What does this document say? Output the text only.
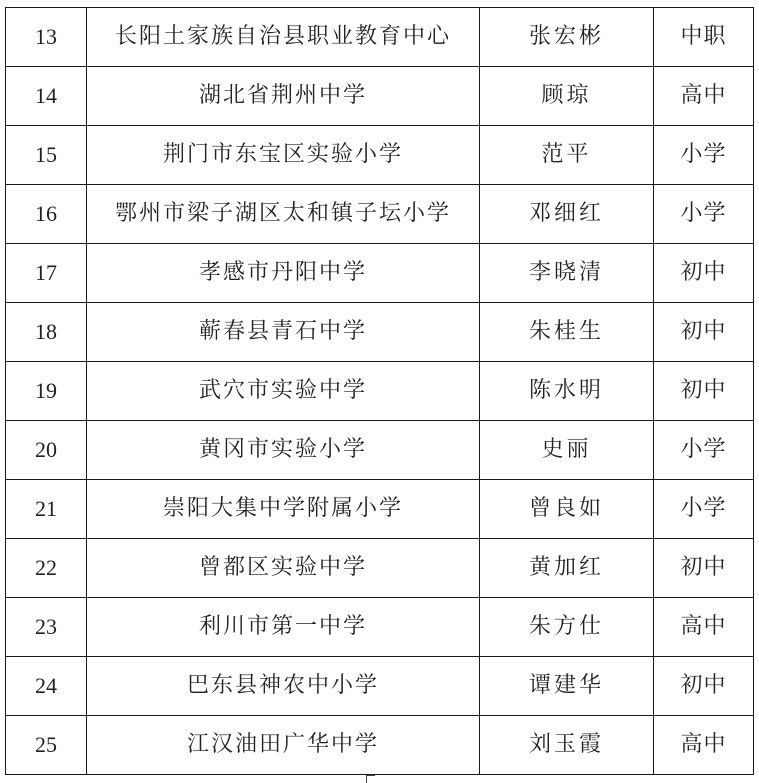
13	长阳土家族自治县职业教育中心	张宏彬	中职
14	湖北省荆州中学	顾琼	高中
15	荆门市东宝区实验小学	范平	小学
16	鄂州市梁子湖区太和镇子坛小学	邓细红	小学
17	孝感市丹阳中学	李晓清	初中
18	蕲春县青石中学	朱桂生	初中
19	武穴市实验中学	陈水明	初中
20	黄冈市实验小学	史丽	小学
21	崇阳大集中学附属小学	曾良如	小学
22	曾都区实验中学	黄加红	初中
23	利川市第一中学	朱方仕	高中
24	巴东县神农中小学	谭建华	初中
25	江汉油田广华中学	刘玉霞	高中
